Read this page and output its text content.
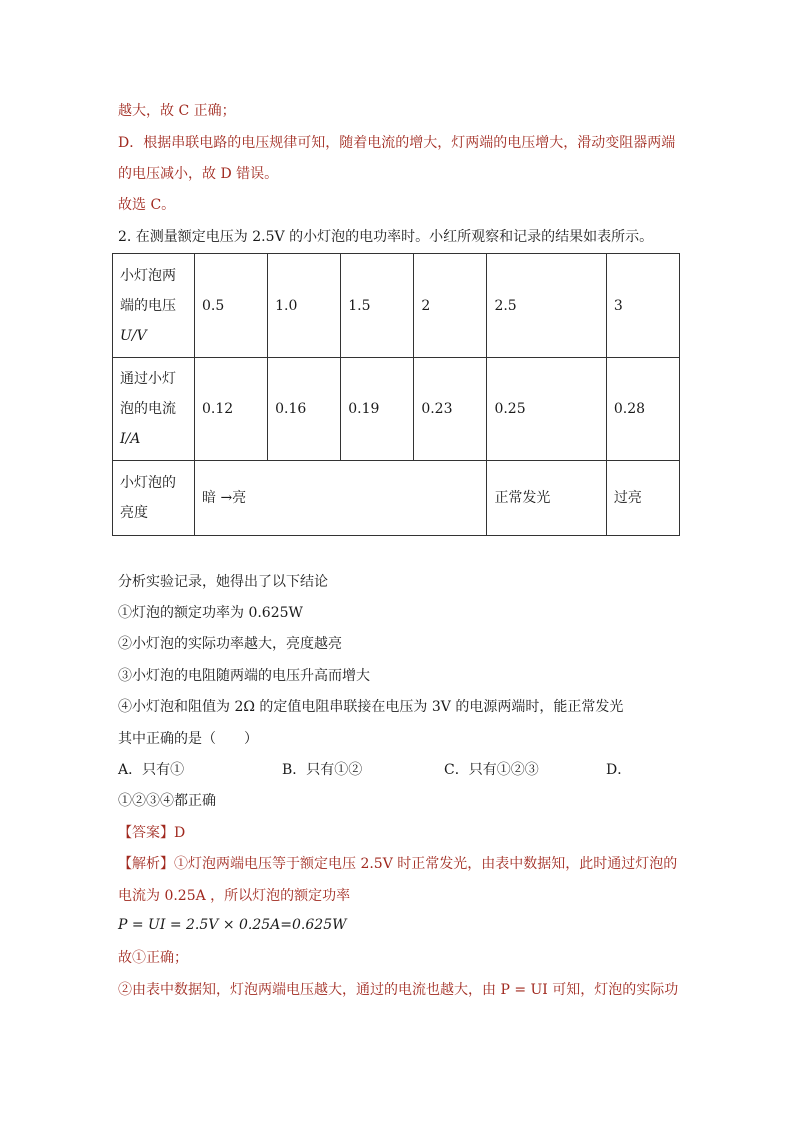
越大，故 C 正确；
D．根据串联电路的电压规律可知，随着电流的增大，灯两端的电压增大，滑动变阻器两端
的电压减小，故 D 错误。
故选 C。
2. 在测量额定电压为 2.5V 的小灯泡的电功率时。小红所观察和记录的结果如表所示。
小灯泡两
端的电压
U/V	0.5	1.0	1.5	2	2.5	3

通过小灯
泡的电流
I/A	0.12	0.16	0.19	0.23	0.25	0.28

小灯泡的
亮度	暗 →亮				正常发光	过亮
分析实验记录，她得出了以下结论
①灯泡的额定功率为 0.625W
②小灯泡的实际功率越大，亮度越亮
③小灯泡的电阻随两端的电压升高而增大
④小灯泡和阻值为 2Ω 的定值电阻串联接在电压为 3V 的电源两端时，能正常发光
其中正确的是（　　）
A．只有①	B．只有①②	C．只有①②③	D．
①②③④都正确
【答案】D
【解析】①灯泡两端电压等于额定电压 2.5V 时正常发光，由表中数据知，此时通过灯泡的
电流为 0.25A ，所以灯泡的额定功率
P = UI = 2.5V × 0.25A=0.625W
故①正确；
②由表中数据知，灯泡两端电压越大，通过的电流也越大，由 P = UI 可知，灯泡的实际功
